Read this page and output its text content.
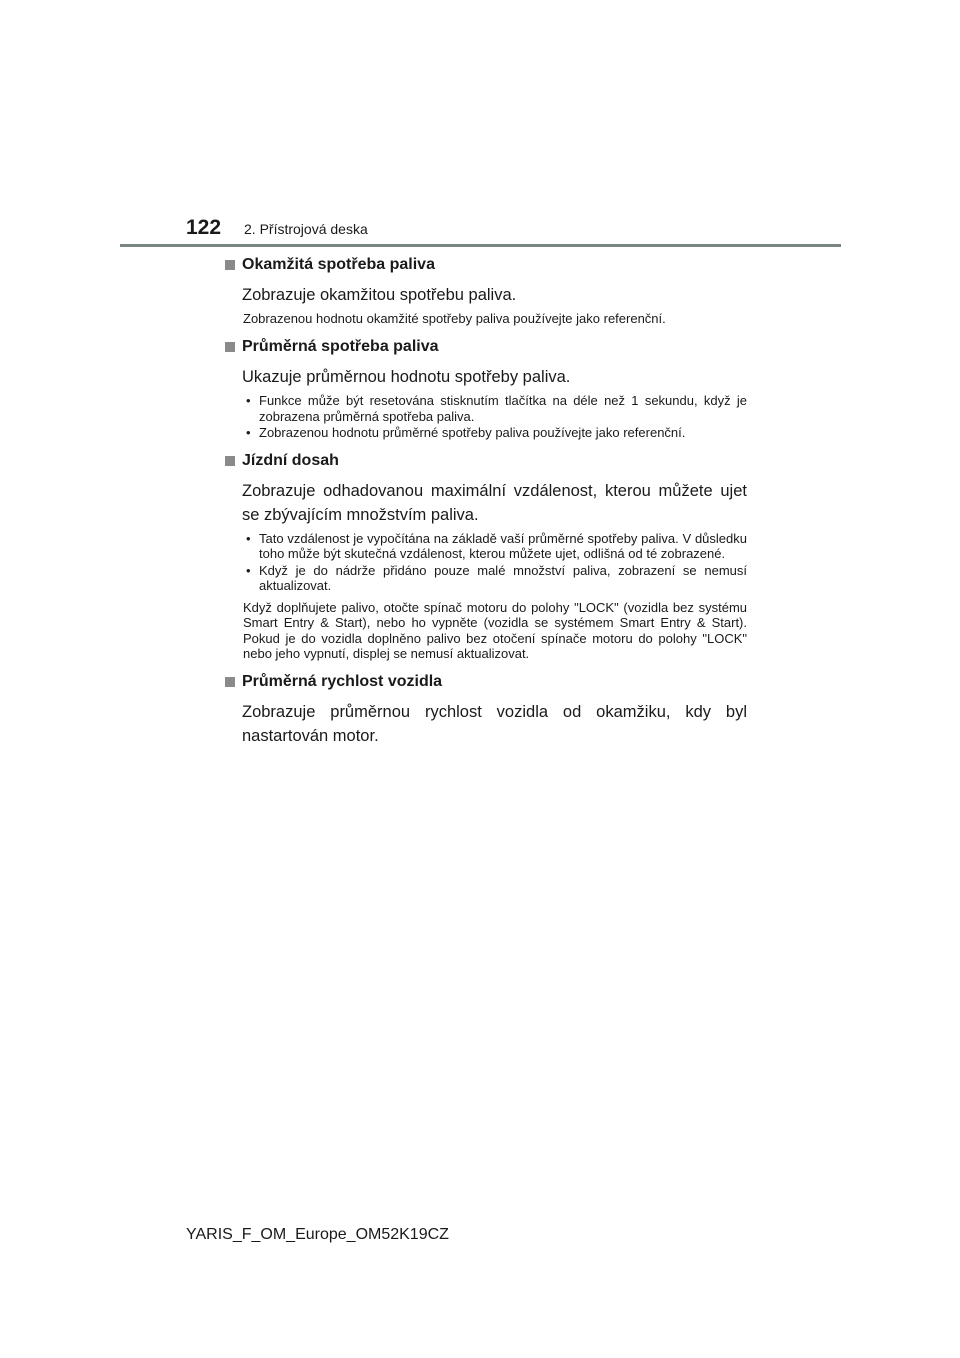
122 2. Přístrojová deska
Okamžitá spotřeba paliva
Zobrazuje okamžitou spotřebu paliva.
Zobrazenou hodnotu okamžité spotřeby paliva používejte jako referenční.
Průměrná spotřeba paliva
Ukazuje průměrnou hodnotu spotřeby paliva.
• Funkce může být resetována stisknutím tlačítka na déle než 1 sekundu, když je zobrazena průměrná spotřeba paliva.
• Zobrazenou hodnotu průměrné spotřeby paliva používejte jako referenční.
Jízdní dosah
Zobrazuje odhadovanou maximální vzdálenost, kterou můžete ujet se zbývajícím množstvím paliva.
• Tato vzdálenost je vypočítána na základě vaší průměrné spotřeby paliva. V důsledku toho může být skutečná vzdálenost, kterou můžete ujet, odlišná od té zobrazené.
• Když je do nádrže přidáno pouze malé množství paliva, zobrazení se nemusí aktualizovat.
Když doplňujete palivo, otočte spínač motoru do polohy "LOCK" (vozidla bez systému Smart Entry & Start), nebo ho vypněte (vozidla se systémem Smart Entry & Start). Pokud je do vozidla doplněno palivo bez otočení spínače motoru do polohy "LOCK" nebo jeho vypnutí, displej se nemusí aktualizovat.
Průměrná rychlost vozidla
Zobrazuje průměrnou rychlost vozidla od okamžiku, kdy byl nastartován motor.
YARIS_F_OM_Europe_OM52K19CZ
